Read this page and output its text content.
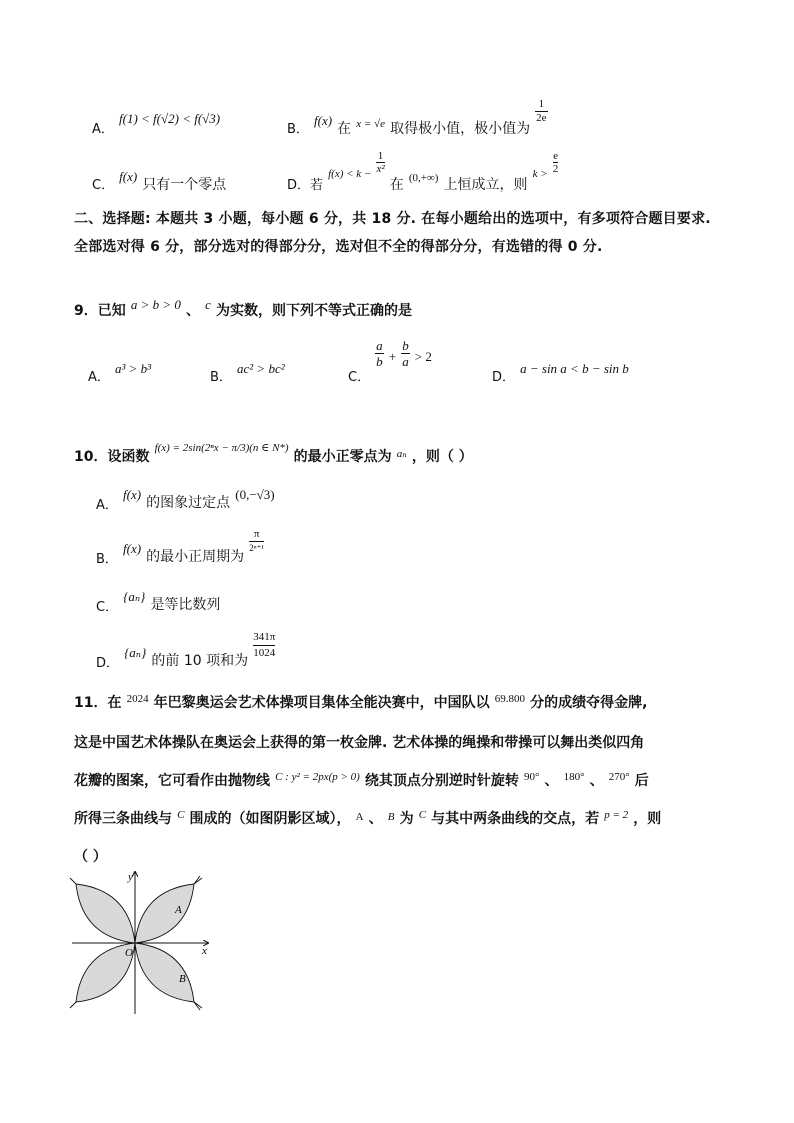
$_{A.}$ f(1) < f(√2) < f(√3)
$_{B.}$ $_{f(x)}$ 在 $_{x = √e}$ 取得极小值，极小值为
$\frac{1}{2e}$
$_{C.}$ $_{f(x)}$ 只有一个零点	$_{D.若}$ $_{f(x) < k -} \frac{1}{\text{x²}}$
在 $_{(0,+\infty)}$ 上恒成立，则 $_{k >} \frac{e}{2}$
二、选择题: 本题共 3 小题，每小题 6 分，共 18 分. 在每小题给出的选项中，有多项符合题目要求. 全部选对得 6 分，部分选对的得部分分，选对但不全的得部分分，有选错的得 0 分.
9．已知 $^{a > b > 0}$ 、 $^c$ 为实数，则下列不等式正确的是
$_{A.}$ a³ > b³
$_{B.}$ ac² > bc²
$_{C.}$
$\frac{a}{b} _+ \frac{b}{a} _{> 2}$
$_{D.}$ a − sin a < b − sin b
10．设函数 $_{f(x) = 2sin(2^nx - \pi/3)(n \in N*)}$ 的最小正零点为 $_{a_n}$ ，则（ ）
$_{A.}$ f(x) 的图象过定点 (0,−√3)
$_{B.}$ $_{f(x)}$ 的最小正周期为
π
2ⁿ⁺¹
$_{C.}$ {aₙ} 是等比数列
$_{D.}$ $_{\{a_n\}}$ 的前 10 项和为 $\frac{341\pi}{1024}$
11．在 $^{2024}$ 年巴黎奥运会艺术体操项目集体全能决赛中，中国队以 $^{69.800}$ 分的成绩夺得金牌,
这是中国艺术体操队在奥运会上获得的第一枚金牌. 艺术体操的绳操和带操可以舞出类似四角
花瓣的图案，它可看作由抛物线 $^{C : y^2 = 2px(p > 0)}$ 绕其顶点分别逆时针旋转 $^{90^\circ}$ 、 $^{180^\circ}$ 、 $^{270^\circ}$ 后
所得三条曲线与 $^C$ 围成的（如图阴影区域）， A 、 B 为 $^C$ 与其中两条曲线的交点，若 $^{p = 2}$ ，则
（ ）
y
x
O
A
B
